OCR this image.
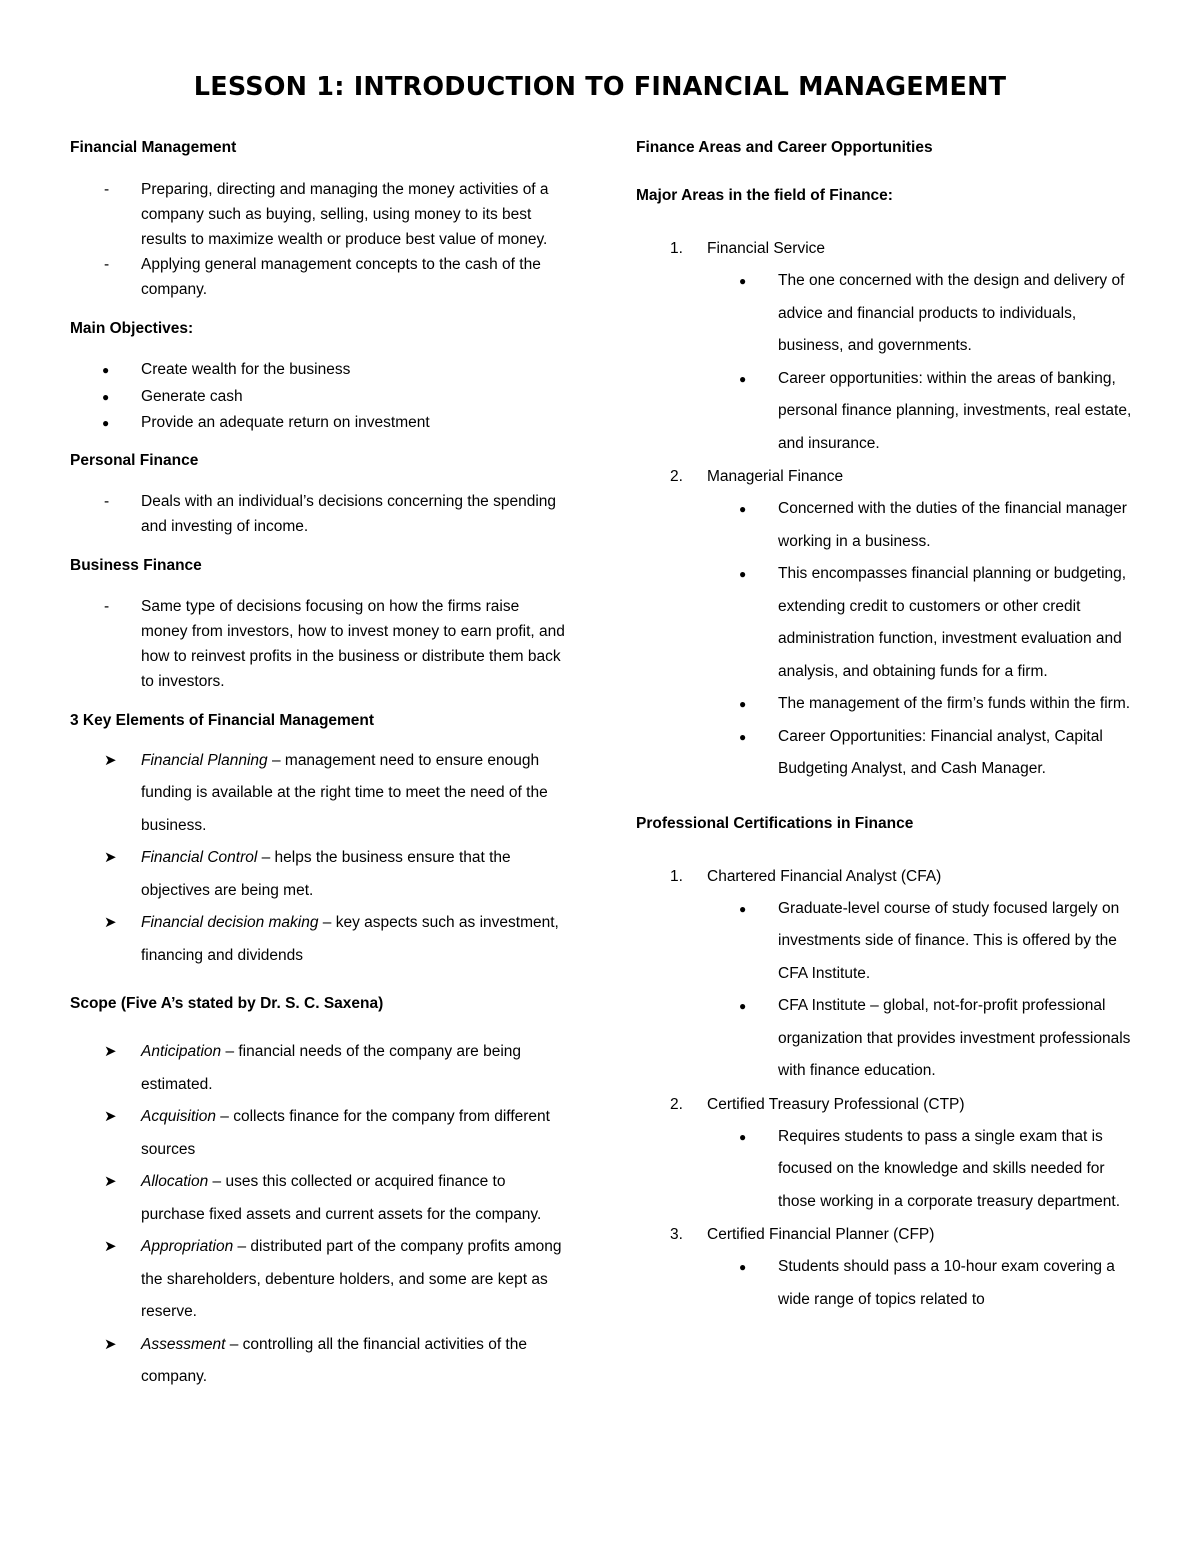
LESSON 1: INTRODUCTION TO FINANCIAL MANAGEMENT

Financial Management

-	Preparing, directing and managing the money activities of a company such as buying, selling, using money to its best results to maximize wealth or produce best value of money.
-	Applying general management concepts to the cash of the company.

Main Objectives:

●	Create wealth for the business
●	Generate cash
●	Provide an adequate return on investment

Personal Finance

-	Deals with an individual’s decisions concerning the spending and investing of income.

Business Finance

-	Same type of decisions focusing on how the firms raise money from investors, how to invest money to earn profit, and how to reinvest profits in the business or distribute them back to investors.

3 Key Elements of Financial Management

➤	Financial Planning – management need to ensure enough funding is available at the right time to meet the need of the business.
➤	Financial Control – helps the business ensure that the objectives are being met.
➤	Financial decision making – key aspects such as investment, financing and dividends

Scope (Five A’s stated by Dr. S. C. Saxena)

➤	Anticipation – financial needs of the company are being estimated.
➤	Acquisition – collects finance for the company from different sources
➤	Allocation – uses this collected or acquired finance to purchase fixed assets and current assets for the company.
➤	Appropriation – distributed part of the company profits among the shareholders, debenture holders, and some are kept as reserve.
➤	Assessment – controlling all the financial activities of the company.

Finance Areas and Career Opportunities

Major Areas in the field of Finance:

1.	Financial Service
●	The one concerned with the design and delivery of advice and financial products to individuals, business, and governments.
●	Career opportunities: within the areas of banking, personal finance planning, investments, real estate, and insurance.
2.	Managerial Finance
●	Concerned with the duties of the financial manager working in a business.
●	This encompasses financial planning or budgeting, extending credit to customers or other credit administration function, investment evaluation and analysis, and obtaining funds for a firm.
●	The management of the firm’s funds within the firm.
●	Career Opportunities: Financial analyst, Capital Budgeting Analyst, and Cash Manager.

Professional Certifications in Finance

1.	Chartered Financial Analyst (CFA)
●	Graduate-level course of study focused largely on investments side of finance. This is offered by the CFA Institute.
●	CFA Institute – global, not-for-profit professional organization that provides investment professionals with finance education.
2.	Certified Treasury Professional (CTP)
●	Requires students to pass a single exam that is focused on the knowledge and skills needed for those working in a corporate treasury department.
3.	Certified Financial Planner (CFP)
●	Students should pass a 10-hour exam covering a wide range of topics related to
